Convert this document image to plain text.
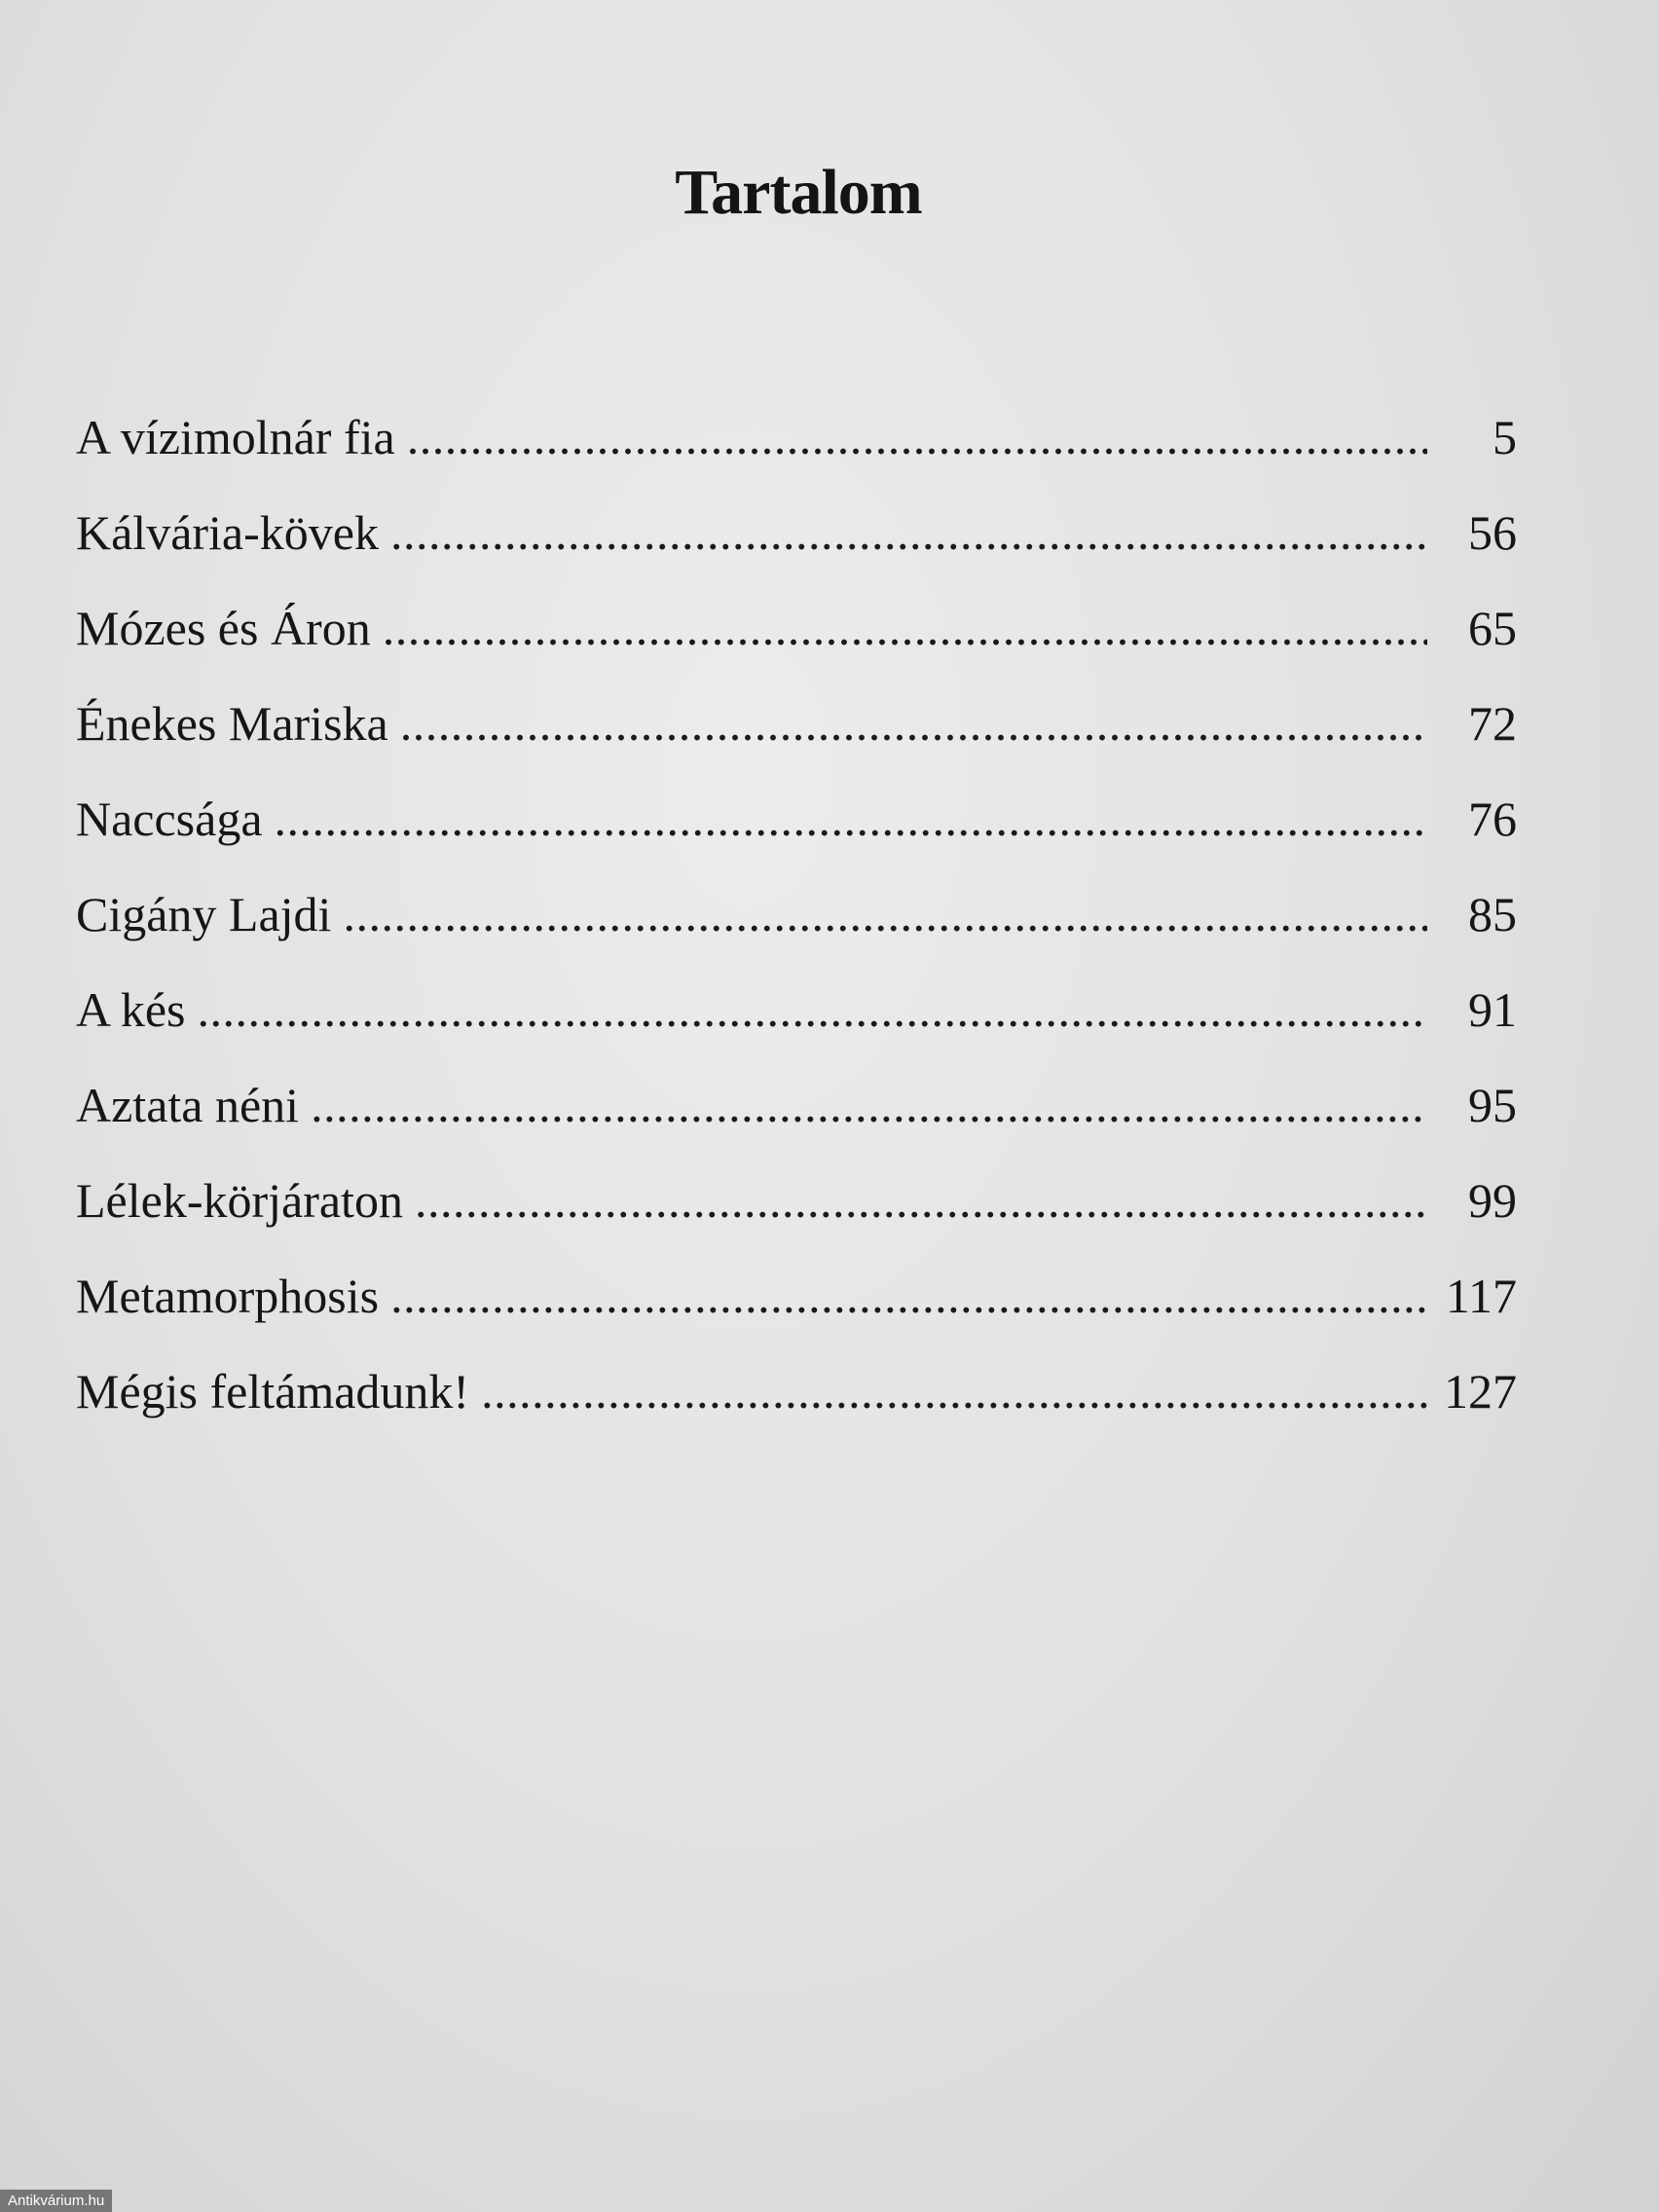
Tartalom
A vízimolnár fia . . .	5
Kálvária-kövek . . .	56
Mózes és Áron . . .	65
Énekes Mariska . . .	72
Naccsága . . .	76
Cigány Lajdi . . .	85
A kés . . .	91
Aztata néni . . .	95
Lélek-körjáraton . . .	99
Metamorphosis . . .	117
Mégis feltámadunk! . . .	127
Antikvárium.hu
